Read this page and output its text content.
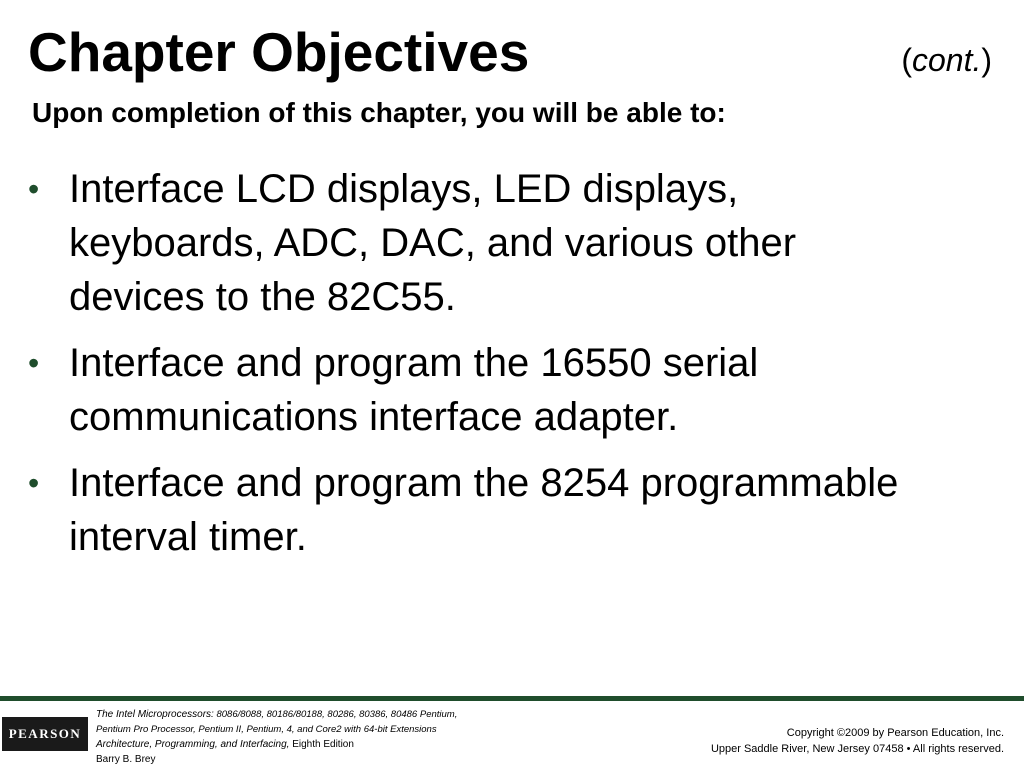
Chapter Objectives	(cont.)

Upon completion of this chapter, you will be able to:

• Interface LCD displays, LED displays, keyboards, ADC, DAC, and various other devices to the 82C55.
• Interface and program the 16550 serial communications interface adapter.
• Interface and program the 8254 programmable interval timer.
PEARSON
The Intel Microprocessors: 8086/8088, 80186/80188, 80286, 80386, 80486 Pentium,
Pentium Pro Processor, Pentium II, Pentium, 4, and Core2 with 64-bit Extensions
Architecture, Programming, and Interfacing, Eighth Edition
Barry B. Brey
Copyright ©2009 by Pearson Education, Inc.
Upper Saddle River, New Jersey 07458 • All rights reserved.
